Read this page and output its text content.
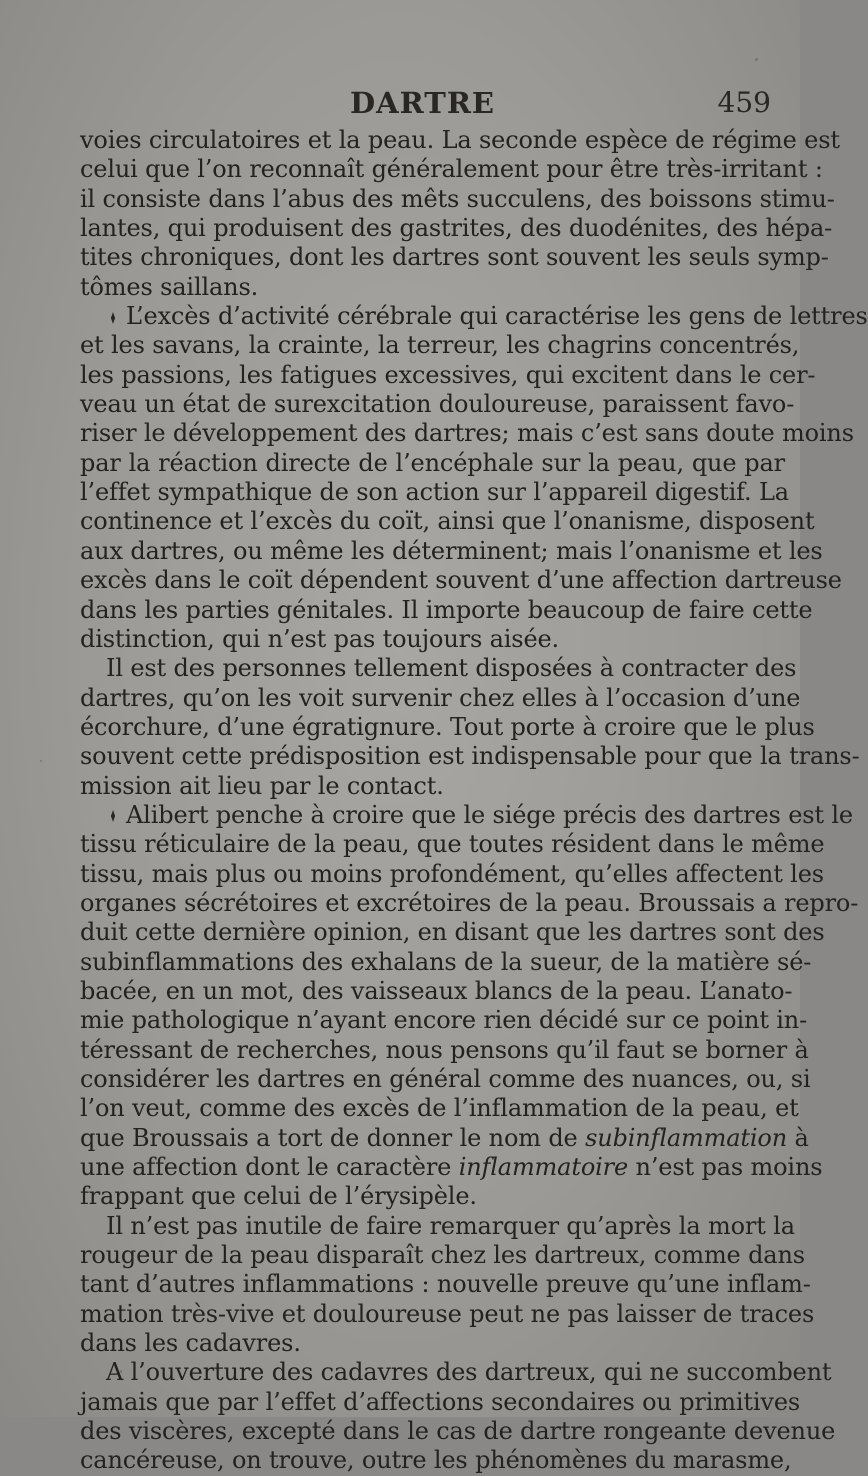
DARTRE	459
voies circulatoires et la peau. La seconde espèce de régime est
celui que l’on reconnaît généralement pour être très-irritant :
il consiste dans l’abus des mêts succulens, des boissons stimu-
lantes, qui produisent des gastrites, des duodénites, des hépa-
tites chroniques, dont les dartres sont souvent les seuls symp-
tômes saillans.
L’excès d’activité cérébrale qui caractérise les gens de lettres
et les savans, la crainte, la terreur, les chagrins concentrés,
les passions, les fatigues excessives, qui excitent dans le cer-
veau un état de surexcitation douloureuse, paraissent favo-
riser le développement des dartres; mais c’est sans doute moins
par la réaction directe de l’encéphale sur la peau, que par
l’effet sympathique de son action sur l’appareil digestif. La
continence et l’excès du coït, ainsi que l’onanisme, disposent
aux dartres, ou même les déterminent; mais l’onanisme et les
excès dans le coït dépendent souvent d’une affection dartreuse
dans les parties génitales. Il importe beaucoup de faire cette
distinction, qui n’est pas toujours aisée.
Il est des personnes tellement disposées à contracter des
dartres, qu’on les voit survenir chez elles à l’occasion d’une
écorchure, d’une égratignure. Tout porte à croire que le plus
souvent cette prédisposition est indispensable pour que la trans-
mission ait lieu par le contact.
Alibert penche à croire que le siége précis des dartres est le
tissu réticulaire de la peau, que toutes résident dans le même
tissu, mais plus ou moins profondément, qu’elles affectent les
organes sécrétoires et excrétoires de la peau. Broussais a repro-
duit cette dernière opinion, en disant que les dartres sont des
subinflammations des exhalans de la sueur, de la matière sé-
bacée, en un mot, des vaisseaux blancs de la peau. L’anato-
mie pathologique n’ayant encore rien décidé sur ce point in-
téressant de recherches, nous pensons qu’il faut se borner à
considérer les dartres en général comme des nuances, ou, si
l’on veut, comme des excès de l’inflammation de la peau, et
que Broussais a tort de donner le nom de subinflammation à
une affection dont le caractère inflammatoire n’est pas moins
frappant que celui de l’érysipèle.
Il n’est pas inutile de faire remarquer qu’après la mort la
rougeur de la peau disparaît chez les dartreux, comme dans
tant d’autres inflammations : nouvelle preuve qu’une inflam-
mation très-vive et douloureuse peut ne pas laisser de traces
dans les cadavres.
A l’ouverture des cadavres des dartreux, qui ne succombent
jamais que par l’effet d’affections secondaires ou primitives
des viscères, excepté dans le cas de dartre rongeante devenue
cancéreuse, on trouve, outre les phénomènes du marasme,
